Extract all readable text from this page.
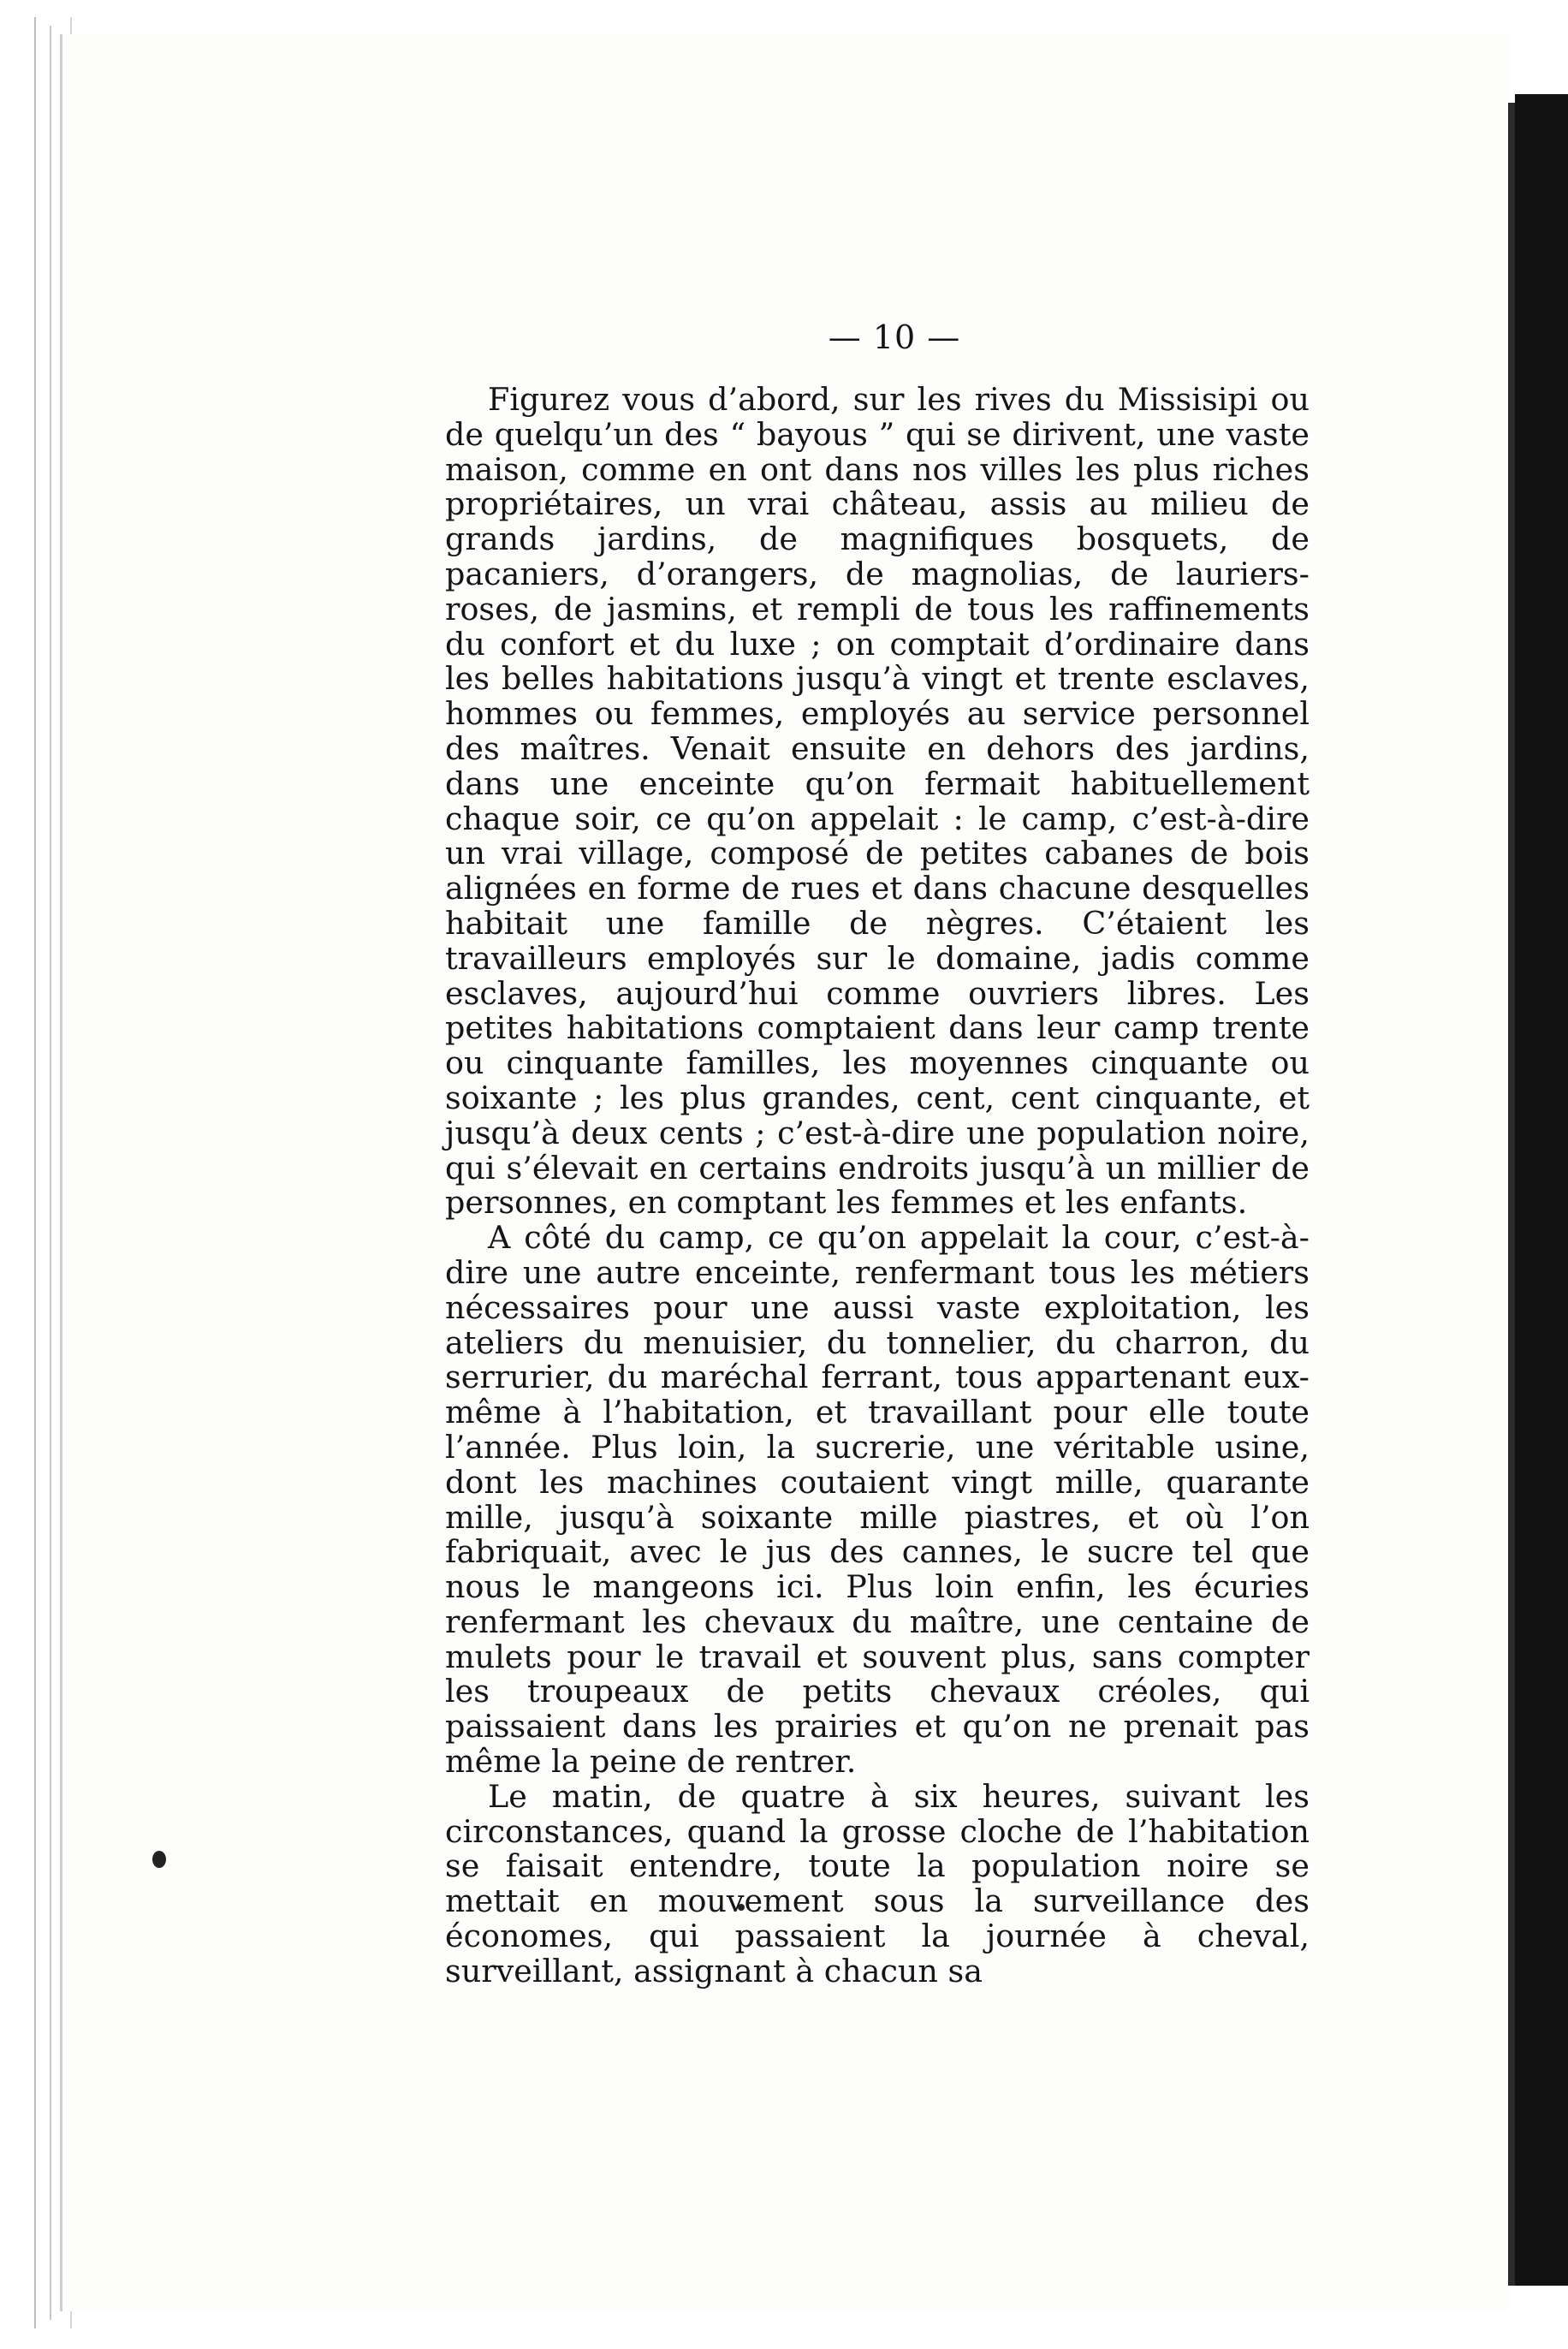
— 10 —

Figurez vous d’abord, sur les rives du Missisipi ou de quelqu’un des “ bayous ” qui se dirivent, une vaste maison, comme en ont dans nos villes les plus riches propriétaires, un vrai château, assis au milieu de grands jardins, de magnifiques bosquets, de pacaniers, d’orangers, de magnolias, de lauriers-roses, de jasmins, et rempli de tous les raffinements du confort et du luxe ; on comptait d’ordinaire dans les belles habitations jusqu’à vingt et trente esclaves, hommes ou femmes, employés au service personnel des maîtres. Venait ensuite en dehors des jardins, dans une enceinte qu’on fermait habituellement chaque soir, ce qu’on appelait : le camp, c’est-à-dire un vrai village, composé de petites cabanes de bois alignées en forme de rues et dans chacune desquelles habitait une famille de nègres. C’étaient les travailleurs employés sur le domaine, jadis comme esclaves, aujourd’hui comme ouvriers libres. Les petites habitations comptaient dans leur camp trente ou cinquante familles, les moyennes cinquante ou soixante ; les plus grandes, cent, cent cinquante, et jusqu’à deux cents ; c’est-à-dire une population noire, qui s’élevait en certains endroits jusqu’à un millier de personnes, en comptant les femmes et les enfants.

A côté du camp, ce qu’on appelait la cour, c’est-à-dire une autre enceinte, renfermant tous les métiers nécessaires pour une aussi vaste exploitation, les ateliers du menuisier, du tonnelier, du charron, du serrurier, du maréchal ferrant, tous appartenant eux-même à l’habitation, et travaillant pour elle toute l’année. Plus loin, la sucrerie, une véritable usine, dont les machines coutaient vingt mille, quarante mille, jusqu’à soixante mille piastres, et où l’on fabriquait, avec le jus des cannes, le sucre tel que nous le mangeons ici. Plus loin enfin, les écuries renfermant les chevaux du maître, une centaine de mulets pour le travail et souvent plus, sans compter les troupeaux de petits chevaux créoles, qui paissaient dans les prairies et qu’on ne prenait pas même la peine de rentrer.

Le matin, de quatre à six heures, suivant les circonstances, quand la grosse cloche de l’habitation se faisait entendre, toute la population noire se mettait en mouvement sous la surveillance des économes, qui passaient la journée à cheval, surveillant, assignant à chacun sa
